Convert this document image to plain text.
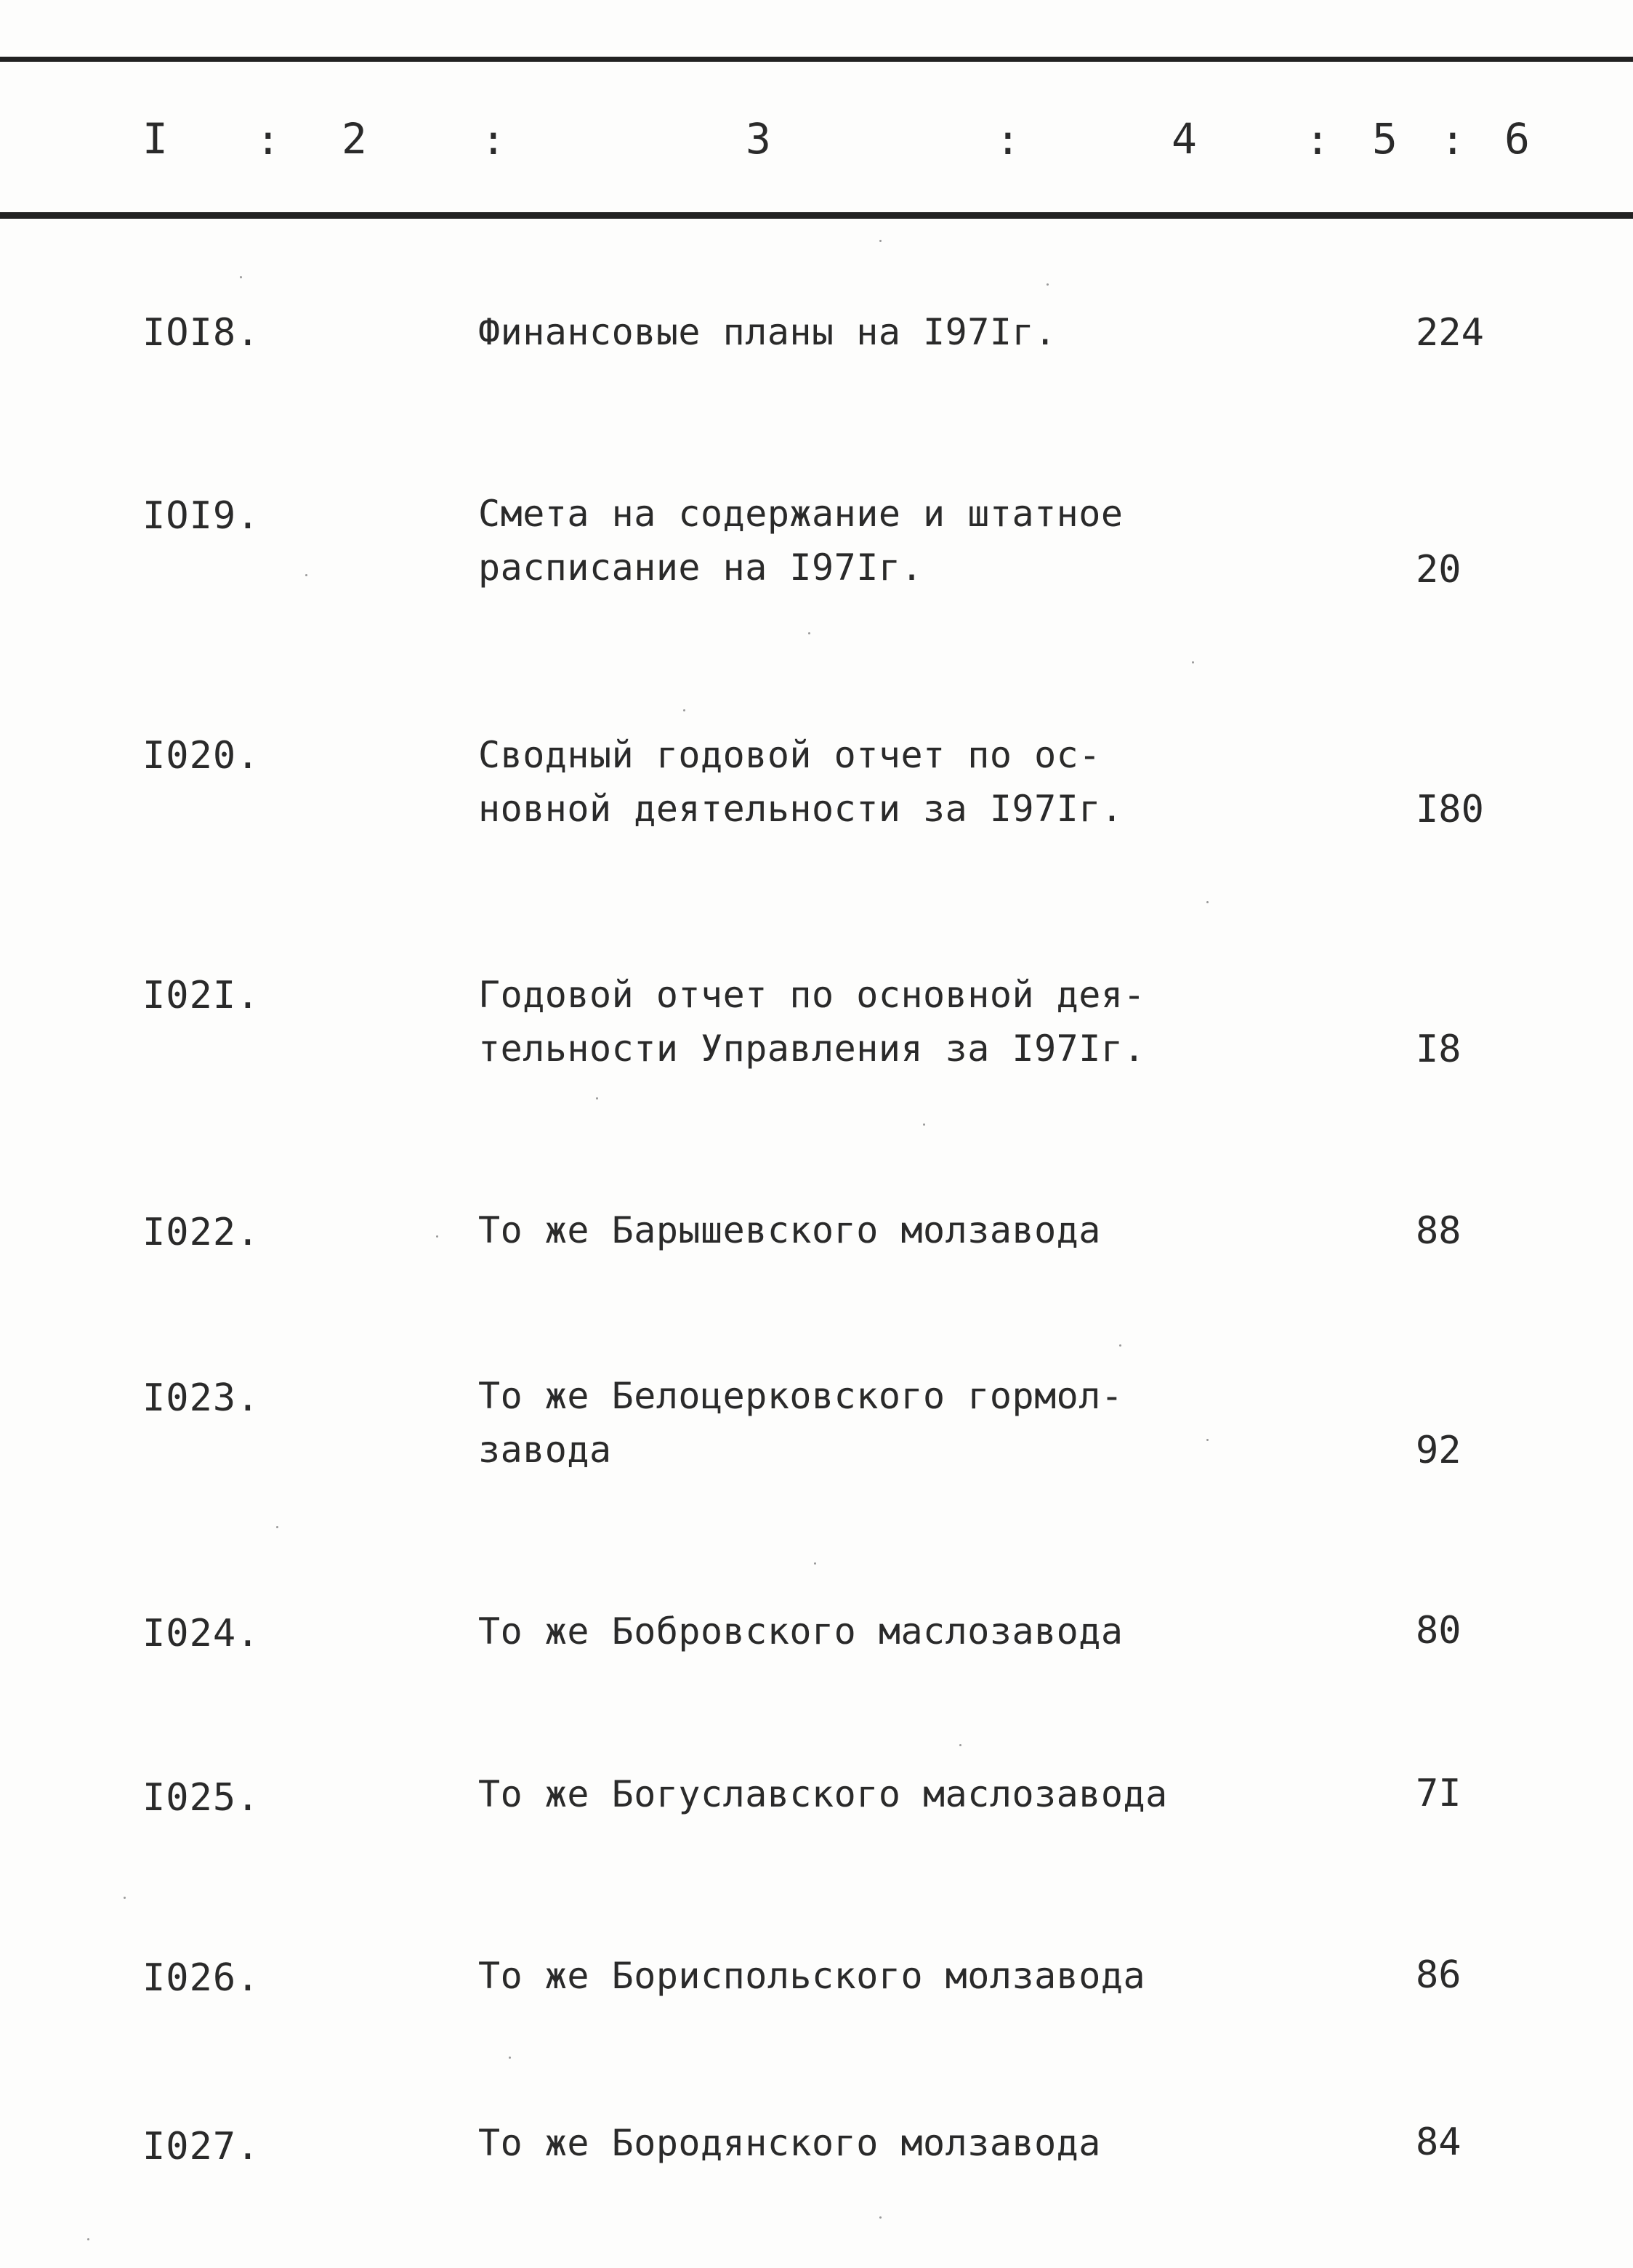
I : 2	:	3	:	4	: 5 : 6
IOI8.	Финансовые планы на I97Iг.	224
IOI9.	Смета на содержание и штатное
расписание на I97Iг.	20
I020.	Сводный годовой отчет по ос-
новной деятельности за I97Iг.	I80
I02I.	Годовой отчет по основной дея-
тельности Управления за I97Iг.	I8
I022.	То же Барышевского молзавода	88
I023.	То же Белоцерковского гормол-
завода	92
I024.	То же Бобровского маслозавода	80
I025.	То же Богуславского маслозавода	7I
I026.	То же Бориспольского молзавода	86
I027.	То же Бородянского молзавода	84
